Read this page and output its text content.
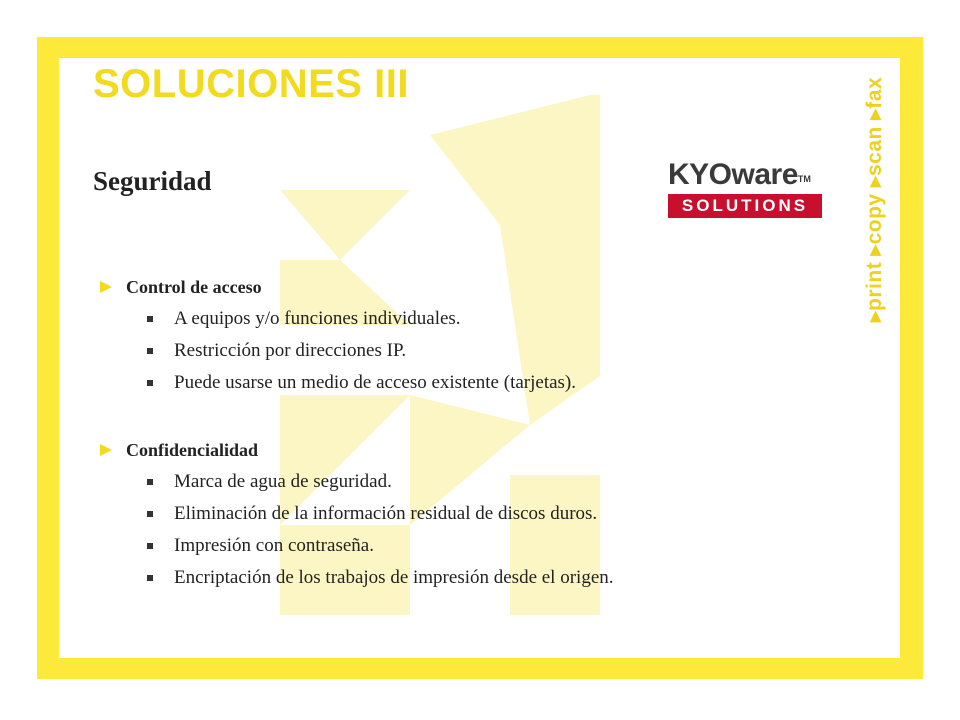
SOLUCIONES III
Seguridad	KYOware™
SOLUTIONS
▸print ▸copy ▸scan ▸fax
Control de acceso
A equipos y/o funciones individuales.
Restricción por direcciones IP.
Puede usarse un medio de acceso existente (tarjetas).
Confidencialidad
Marca de agua de seguridad.
Eliminación de la información residual de discos duros.
Impresión con contraseña.
Encriptación de los trabajos de impresión desde el origen.
